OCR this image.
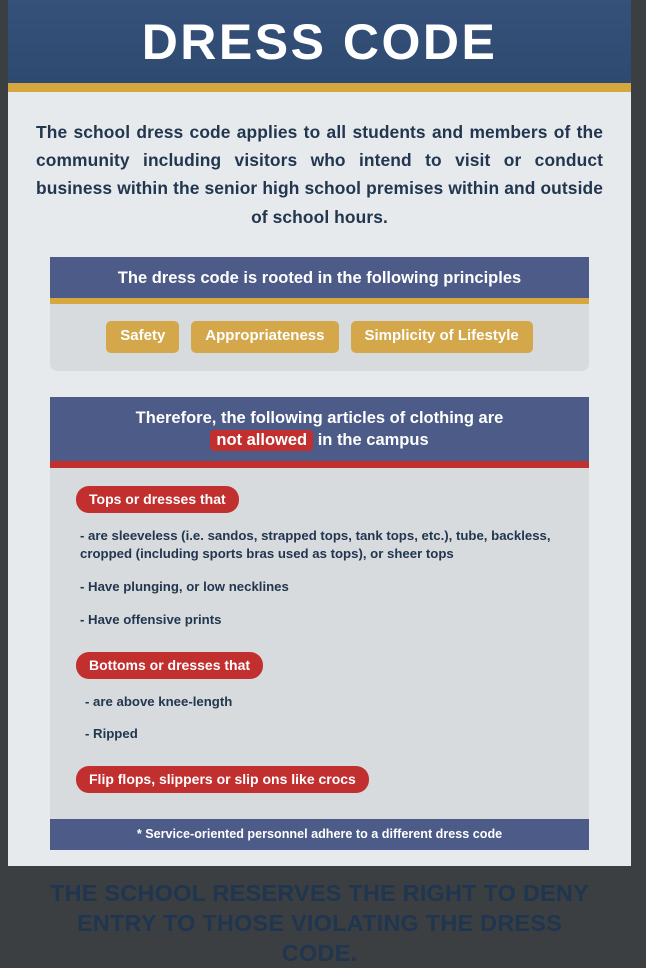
DRESS CODE

The school dress code applies to all students and members of the community including visitors who intend to visit or conduct business within the senior high school premises within and outside of school hours.

The dress code is rooted in the following principles
Safety	Appropriateness	Simplicity of Lifestyle
Therefore, the following articles of clothing are
not allowed in the campus
Tops or dresses that
- are sleeveless (i.e. sandos, strapped tops, tank tops, etc.), tube, backless, cropped (including sports bras used as tops), or sheer tops
- Have plunging, or low necklines
- Have offensive prints
Bottoms or dresses that
- are above knee-length
- Ripped
Flip flops, slippers or slip ons like crocs
* Service-oriented personnel adhere to a different dress code
THE SCHOOL RESERVES THE RIGHT TO DENY
ENTRY TO THOSE VIOLATING THE DRESS CODE.
